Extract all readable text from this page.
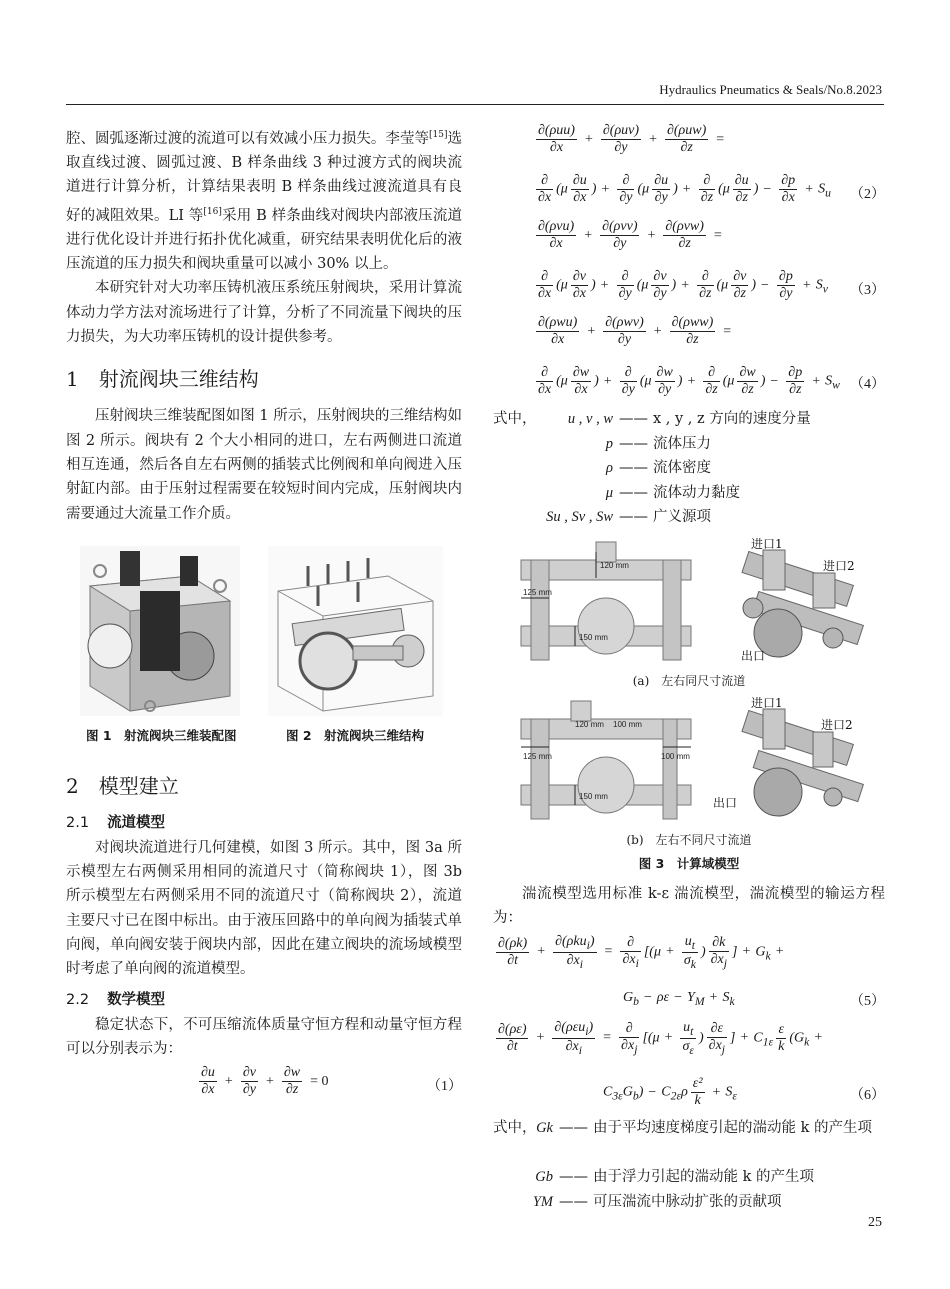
Hydraulics Pneumatics & Seals/No.8.2023

腔、圆弧逐渐过渡的流道可以有效减小压力损失。李莹等[15]选取直线过渡、圆弧过渡、B 样条曲线 3 种过渡方式的阀块流道进行计算分析，计算结果表明 B 样条曲线过渡流道具有良好的减阻效果。LI 等[16]采用 B 样条曲线对阀块内部液压流道进行优化设计并进行拓扑优化减重，研究结果表明优化后的液压流道的压力损失和阀块重量可以减小 30% 以上。

本研究针对大功率压铸机液压系统压射阀块，采用计算流体动力学方法对流场进行了计算，分析了不同流量下阀块的压力损失，为大功率压铸机的设计提供参考。

1 射流阀块三维结构

压射阀块三维装配图如图 1 所示，压射阀块的三维结构如图 2 所示。阀块有 2 个大小相同的进口，左右两侧进口流道相互连通，然后各自左右两侧的插装式比例阀和单向阀进入压射缸内部。由于压射过程需要在较短时间内完成，压射阀块内需要通过大流量工作介质。

图 1　射流阀块三维装配图	图 2　射流阀块三维结构
2 模型建立
2.1 流道模型

对阀块流道进行几何建模，如图 3 所示。其中，图 3a 所示模型左右两侧采用相同的流道尺寸（简称阀块 1），图 3b 所示模型左右两侧采用不同的流道尺寸（简称阀块 2），流道主要尺寸已在图中标出。由于液压回路中的单向阀为插装式单向阀，单向阀安装于阀块内部，因此在建立阀块的流场域模型时考虑了单向阀的流道模型。

2.2 数学模型

稳定状态下，不可压缩流体质量守恒方程和动量守恒方程可以分别表示为：

$\frac{\partial u}{\partial x} + \frac{\partial v}{\partial y} + \frac{\partial w}{\partial z} = 0$	（1）
$\frac{\text{∂(ρuu)}}{\partial x} + \frac{\text{∂(ρuv)}}{\partial y} + \frac{\text{∂(ρuw)}}{\partial z}$ =
$\frac{\partial}{\partial x} (\mu \frac{\partial u}{\partial x}$ ) + $\frac{\partial}{\partial y} (\mu \frac{\partial u}{\partial y}$ ) + $\frac{\partial}{\partial z} (\mu \frac{\partial u}{\partial z}$ ) − $\frac{\partial p}{\partial x} + S_u$ （2）
$\frac{\text{∂(ρvu)}}{\partial x} + \frac{\text{∂(ρvv)}}{\partial y} + \frac{\text{∂(ρvw)}}{\partial z}$ =
$\frac{\partial}{\partial x} (\mu \frac{\partial v}{\partial x}$ ) + $\frac{\partial}{\partial y} (\mu \frac{\partial v}{\partial y}$ ) + $\frac{\partial}{\partial z} (\mu \frac{\partial v}{\partial z}$ ) − $\frac{\partial p}{\partial y} + S_v$ （3）
$\frac{\text{∂(ρwu)}}{\partial x} + \frac{\text{∂(ρwv)}}{\partial y} + \frac{\text{∂(ρww)}}{\partial z}$ =
$\frac{\partial}{\partial x} (\mu \frac{\partial w}{\partial x}$ ) + $\frac{\partial}{\partial y} (\mu \frac{\partial w}{\partial y}$ ) + $\frac{\partial}{\partial z} (\mu \frac{\partial w}{\partial z}$ ) − $\frac{\partial p}{\partial z} + S_w$ （4）
式中，	u , v , w —— x , y , z 方向的速度分量
p —— 流体压力
ρ —— 流体密度
μ —— 流体动力黏度
Su , Sv , Sw —— 广义源项
120 mm
125 mm
150 mm
进口1
进口2
出口
(a)　左右同尺寸流道
120 mm 100 mm
125 mm	100 mm
150 mm
进口1
进口2
出口
(b)　左右不同尺寸流道
图 3　计算域模型

湍流模型选用标准 k-ε 湍流模型，湍流模型的输运方程为：

$\frac{\partial(\rho k)}{\partial t} + \frac{\partial(\rho ku_i)}{\partial x_i} = \frac{\partial}{\partial x_i} [(\mu + \frac{u_t}{\sigma_k}$ ) $\frac{\partial k}{\partial x_j}$ ] + $G_k$ +
$G_b - \rho\varepsilon - Y_M + S_k$	（5）
$\frac{\partial(\rho\varepsilon)}{\partial t} + \frac{\partial(\rho\varepsilon u_i)}{\partial x_i} = \frac{\partial}{\partial x_j} [(\mu + \frac{u_t}{\sigma_\varepsilon}$ ) $\frac{\partial\varepsilon}{\partial x_j}$ ] + $C_{1\varepsilon} \frac{\varepsilon}{k} (G_k$ +
$C_{3\varepsilon}G_b) - C_{2\varepsilon}\rho \frac{\text{ε²}}{k} + S_\varepsilon$	（6）
式中， Gk —— 由于平均速度梯度引起的湍动能 k 的产生项
Gb —— 由于浮力引起的湍动能 k 的产生项
YM —— 可压湍流中脉动扩张的贡献项
25
